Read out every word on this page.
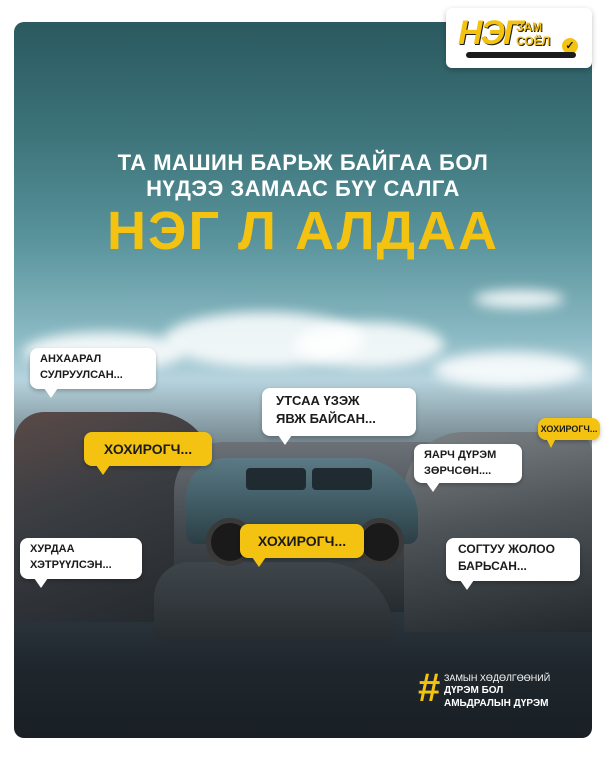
НЭГ
ЗАМ
СОЁЛ	✓
ТА МАШИН БАРЬЖ БАЙГАА БОЛ
НҮДЭЭ ЗАМААС БҮҮ САЛГА
НЭГ Л АЛДАА
АНХААРАЛ
СУЛРУУЛСАН...
ХОХИРОГЧ...
УТСАА ҮЗЭЖ
ЯВЖ БАЙСАН...
ХОХИРОГЧ...
ЯАРЧ ДҮРЭМ
ЗӨРЧСӨН....
ХУРДАА
ХЭТРҮҮЛСЭН...
ХОХИРОГЧ...	СОГТУУ ЖОЛОО
БАРЬСАН...
# ЗАМЫН ХӨДӨЛГӨӨНИЙ
ДҮРЭМ БОЛ
АМЬДРАЛЫН ДҮРЭМ
